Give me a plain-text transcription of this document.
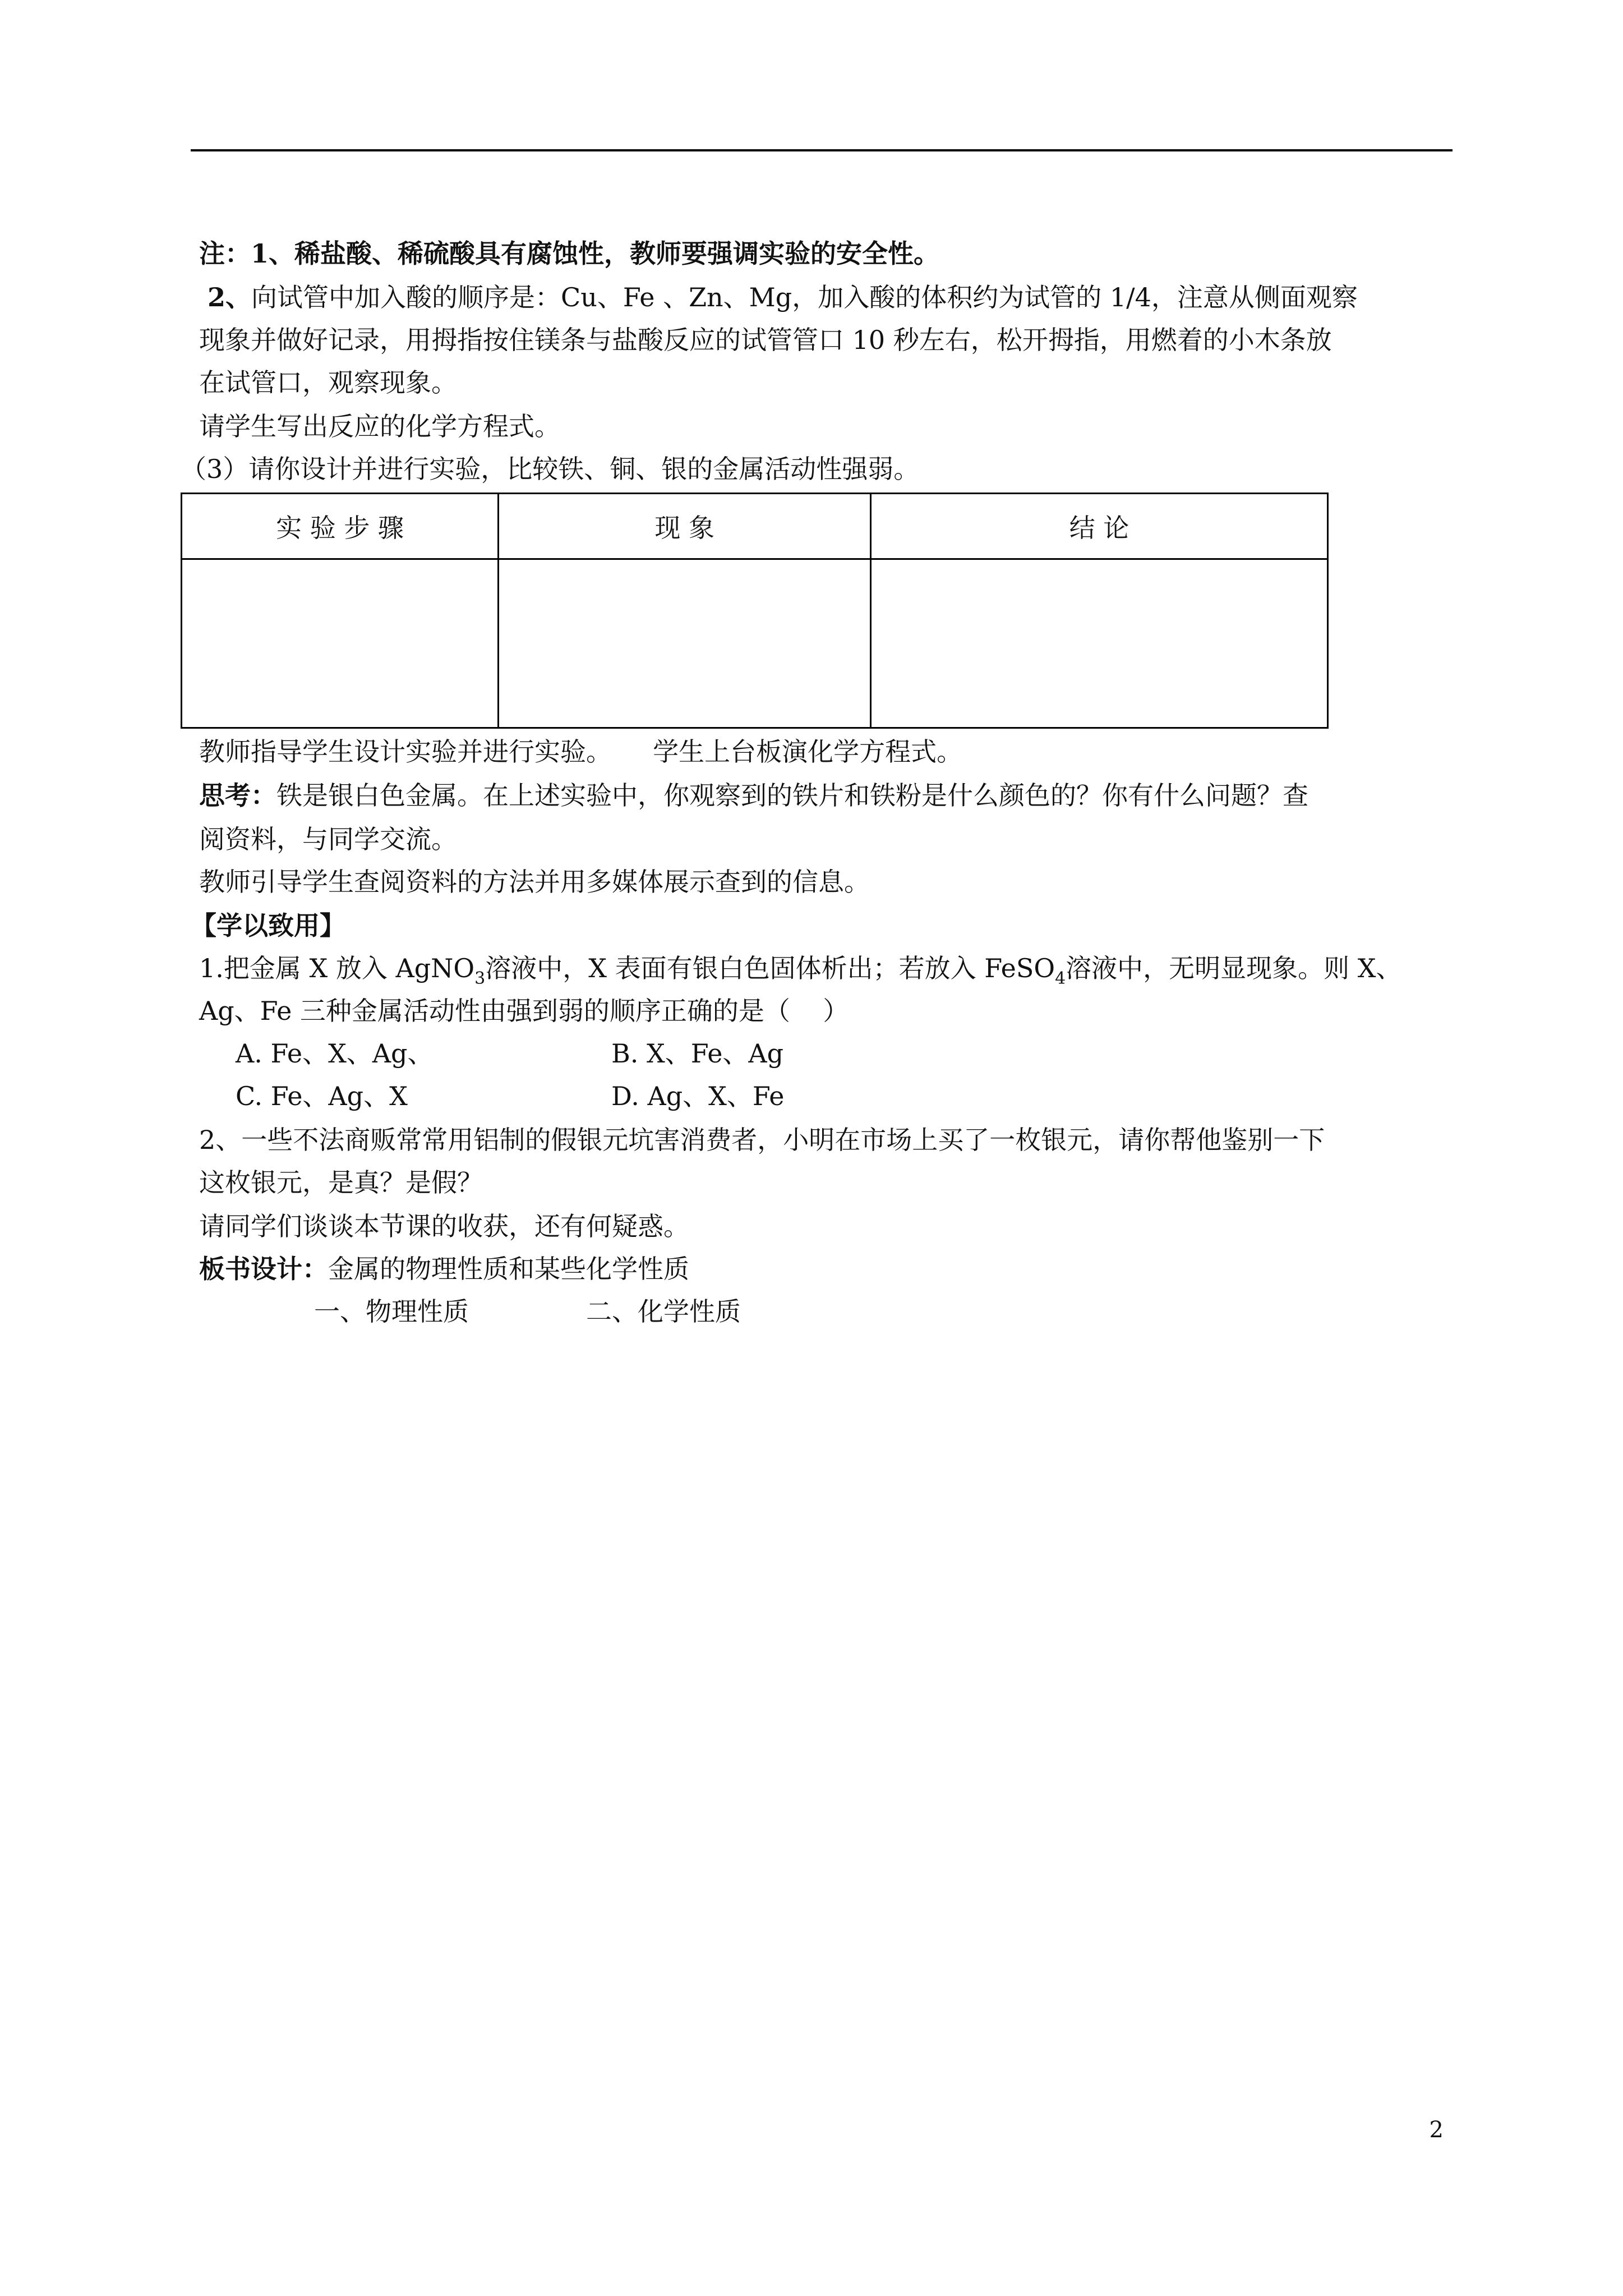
注：1、稀盐酸、稀硫酸具有腐蚀性，教师要强调实验的安全性。
2、向试管中加入酸的顺序是：Cu、Fe 、Zn、Mg，加入酸的体积约为试管的 1/4，注意从侧面观察
现象并做好记录，用拇指按住镁条与盐酸反应的试管管口 10 秒左右，松开拇指，用燃着的小木条放
在试管口，观察现象。
请学生写出反应的化学方程式。
（3）请你设计并进行实验，比较铁、铜、银的金属活动性强弱。
实 验 步 骤	现 象	结 论

教师指导学生设计实验并进行实验。     学生上台板演化学方程式。
思考：铁是银白色金属。在上述实验中，你观察到的铁片和铁粉是什么颜色的？你有什么问题？查
阅资料，与同学交流。
教师引导学生查阅资料的方法并用多媒体展示查到的信息。
【学以致用】
1.把金属 X 放入 AgNO$_3$溶液中，X 表面有银白色固体析出；若放入 FeSO$_4$溶液中，无明显现象。则 X、
Ag、Fe 三种金属活动性由强到弱的顺序正确的是（    ）
A. Fe、X、Ag、	B. X、Fe、Ag
C. Fe、Ag、X	D. Ag、X、Fe
2、一些不法商贩常常用铝制的假银元坑害消费者，小明在市场上买了一枚银元，请你帮他鉴别一下
这枚银元，是真？是假？
请同学们谈谈本节课的收获，还有何疑惑。
板书设计：金属的物理性质和某些化学性质
一、物理性质	二、化学性质
2
